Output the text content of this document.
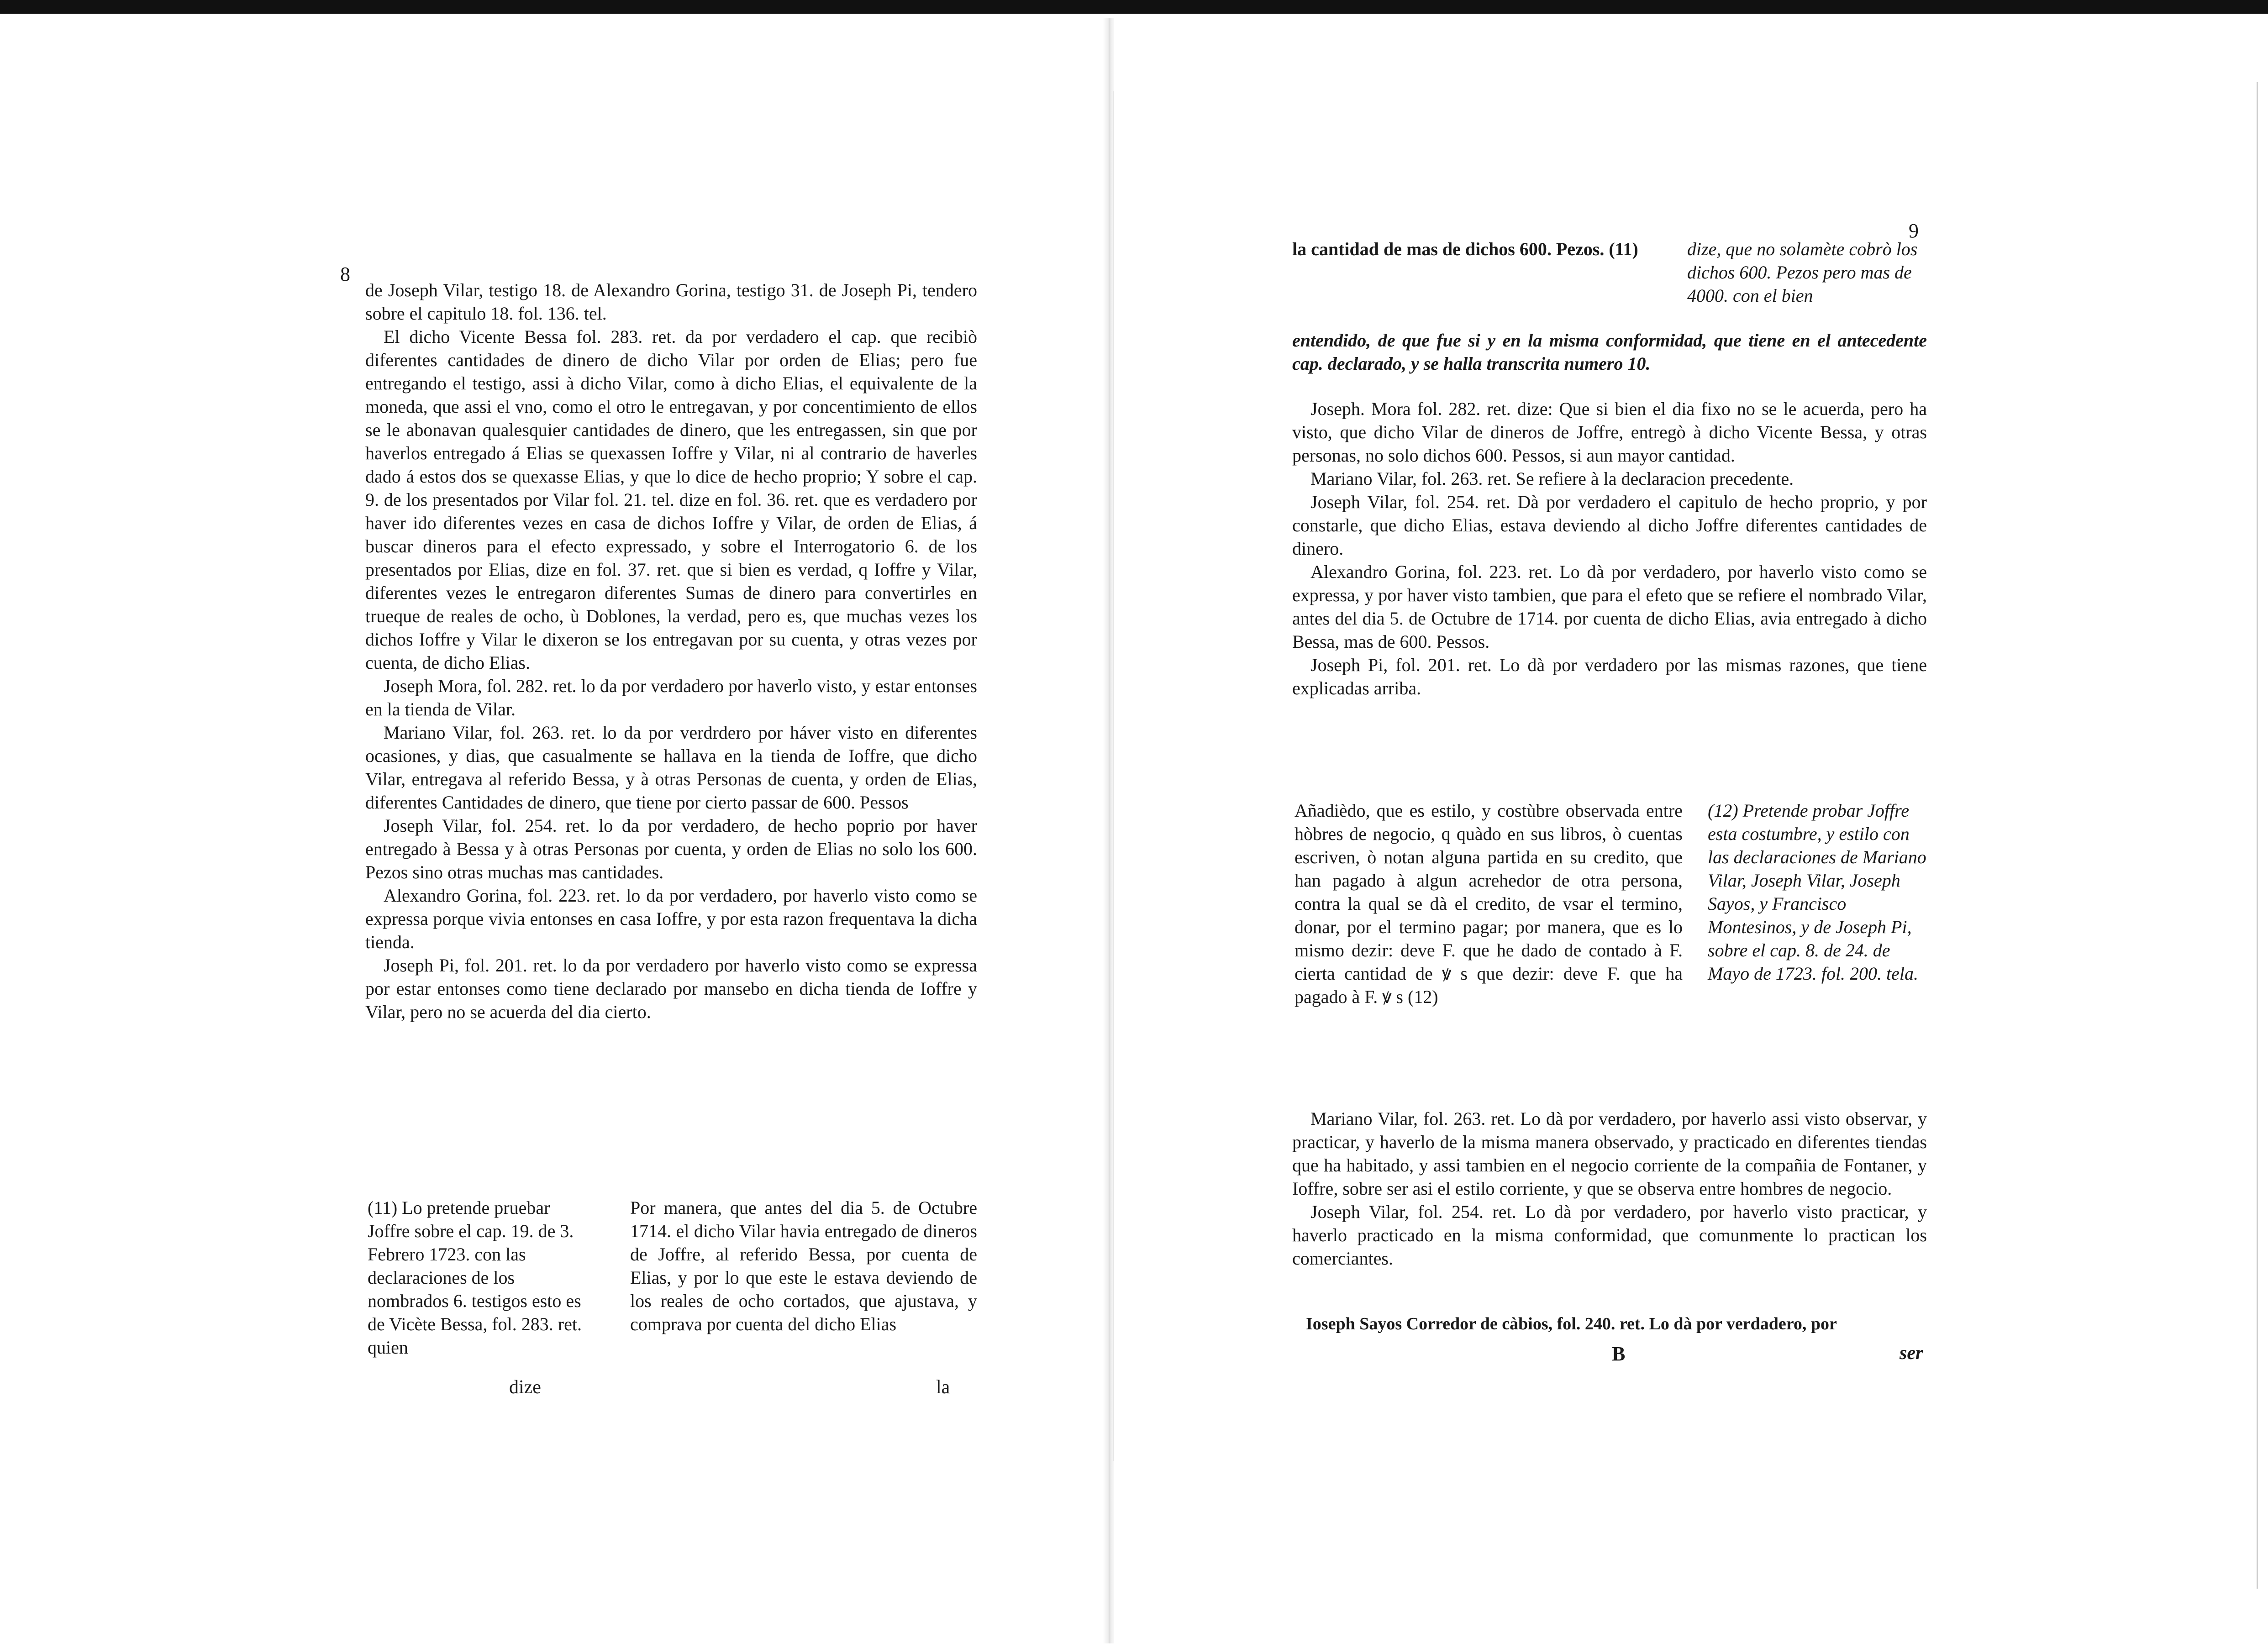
8

de Joseph Vilar, testigo 18. de Alexandro Gorina, testigo 31. de Joseph Pi, tendero sobre el capitulo 18. fol. 136. tel.

El dicho Vicente Bessa fol. 283. ret. da por verdadero el cap. que recibiò diferentes cantidades de dinero de dicho Vilar por orden de Elias; pero fue entregando el testigo, assi à dicho Vilar, como à dicho Elias, el equivalente de la moneda, que assi el vno, como el otro le entregavan, y por concentimiento de ellos se le abonavan qualesquier cantidades de dinero, que les entregassen, sin que por haverlos entregado á Elias se quexassen Ioffre y Vilar, ni al contrario de haverles dado á estos dos se quexasse Elias, y que lo dice de hecho proprio; Y sobre el cap. 9. de los presentados por Vilar fol. 21. tel. dize en fol. 36. ret. que es verdadero por haver ido diferentes vezes en casa de dichos Ioffre y Vilar, de orden de Elias, á buscar dineros para el efecto expressado, y sobre el Interrogatorio 6. de los presentados por Elias, dize en fol. 37. ret. que si bien es verdad, q Ioffre y Vilar, diferentes vezes le entregaron diferentes Sumas de dinero para convertirles en trueque de reales de ocho, ù Doblones, la verdad, pero es, que muchas vezes los dichos Ioffre y Vilar le dixeron se los entregavan por su cuenta, y otras vezes por cuenta, de dicho Elias.

Joseph Mora, fol. 282. ret. lo da por verdadero por haverlo visto, y estar entonses en la tienda de Vilar.

Mariano Vilar, fol. 263. ret. lo da por verdrdero por háver visto en diferentes ocasiones, y dias, que casualmente se hallava en la tienda de Ioffre, que dicho Vilar, entregava al referido Bessa, y à otras Personas de cuenta, y orden de Elias, diferentes Cantidades de dinero, que tiene por cierto passar de 600. Pessos

Joseph Vilar, fol. 254. ret. lo da por verdadero, de hecho poprio por haver entregado à Bessa y à otras Personas por cuenta, y orden de Elias no solo los 600. Pezos sino otras muchas mas cantidades.

Alexandro Gorina, fol. 223. ret. lo da por verdadero, por haverlo visto como se expressa porque vivia entonses en casa Ioffre, y por esta razon frequentava la dicha tienda.

Joseph Pi, fol. 201. ret. lo da por verdadero por haverlo visto como se expressa por estar entonses como tiene declarado por mansebo en dicha tienda de Ioffre y Vilar, pero no se acuerda del dia cierto.

(11) Lo pretende pruebar Joffre sobre el cap. 19. de 3. Febrero 1723. con las declaraciones de los nombrados 6. testigos esto es de Vicète Bessa, fol. 283. ret. quien
Por manera, que antes del dia 5. de Octubre 1714. el dicho Vilar havia entregado de dineros de Joffre, al referido Bessa, por cuenta de Elias, y por lo que este le estava deviendo de los reales de ocho cortados, que ajustava, y comprava por cuenta del dicho Elias
dize	la
9
la cantidad de mas de dichos 600. Pezos. (11)	dize, que no solamète cobrò los dichos 600. Pezos pero mas de 4000. con el bien
entendido, de que fue si y en la misma conformidad, que tiene en el antecedente cap. declarado, y se halla transcrita numero 10.

Joseph. Mora fol. 282. ret. dize: Que si bien el dia fixo no se le acuerda, pero ha visto, que dicho Vilar de dineros de Joffre, entregò à dicho Vicente Bessa, y otras personas, no solo dichos 600. Pessos, si aun mayor cantidad.

Mariano Vilar, fol. 263. ret. Se refiere à la declaracion precedente.

Joseph Vilar, fol. 254. ret. Dà por verdadero el capitulo de hecho proprio, y por constarle, que dicho Elias, estava deviendo al dicho Joffre diferentes cantidades de dinero.

Alexandro Gorina, fol. 223. ret. Lo dà por verdadero, por haverlo visto como se expressa, y por haver visto tambien, que para el efeto que se refiere el nombrado Vilar, antes del dia 5. de Octubre de 1714. por cuenta de dicho Elias, avia entregado à dicho Bessa, mas de 600. Pessos.

Joseph Pi, fol. 201. ret. Lo dà por verdadero por las mismas razones, que tiene explicadas arriba.

Añadièdo, que es estilo, y costùbre observada entre hòbres de negocio, q quàdo en sus libros, ò cuentas escriven, ò notan alguna partida en su credito, que han pagado à algun acrehedor de otra persona, contra la qual se dà el credito, de vsar el termino, donar, por el termino pagar; por manera, que es lo mismo dezir: deve F. que he dado de contado à F. cierta cantidad de ꝟ s que dezir: deve F. que ha pagado à F. ꝟ s (12)
(12) Pretende probar Joffre esta costumbre, y estilo con las declaraciones de Mariano Vilar, Joseph Vilar, Joseph Sayos, y Francisco Montesinos, y de Joseph Pi, sobre el cap. 8. de 24. de Mayo de 1723. fol. 200. tela.

Mariano Vilar, fol. 263. ret. Lo dà por verdadero, por haverlo assi visto observar, y practicar, y haverlo de la misma manera observado, y practicado en diferentes tiendas que ha habitado, y assi tambien en el negocio corriente de la compañia de Fontaner, y Ioffre, sobre ser asi el estilo corriente, y que se observa entre hombres de negocio.

Joseph Vilar, fol. 254. ret. Lo dà por verdadero, por haverlo visto practicar, y haverlo practicado en la misma conformidad, que comunmente lo practican los comerciantes.

Ioseph Sayos Corredor de càbios, fol. 240. ret. Lo dà por verdadero, por
B	ser
